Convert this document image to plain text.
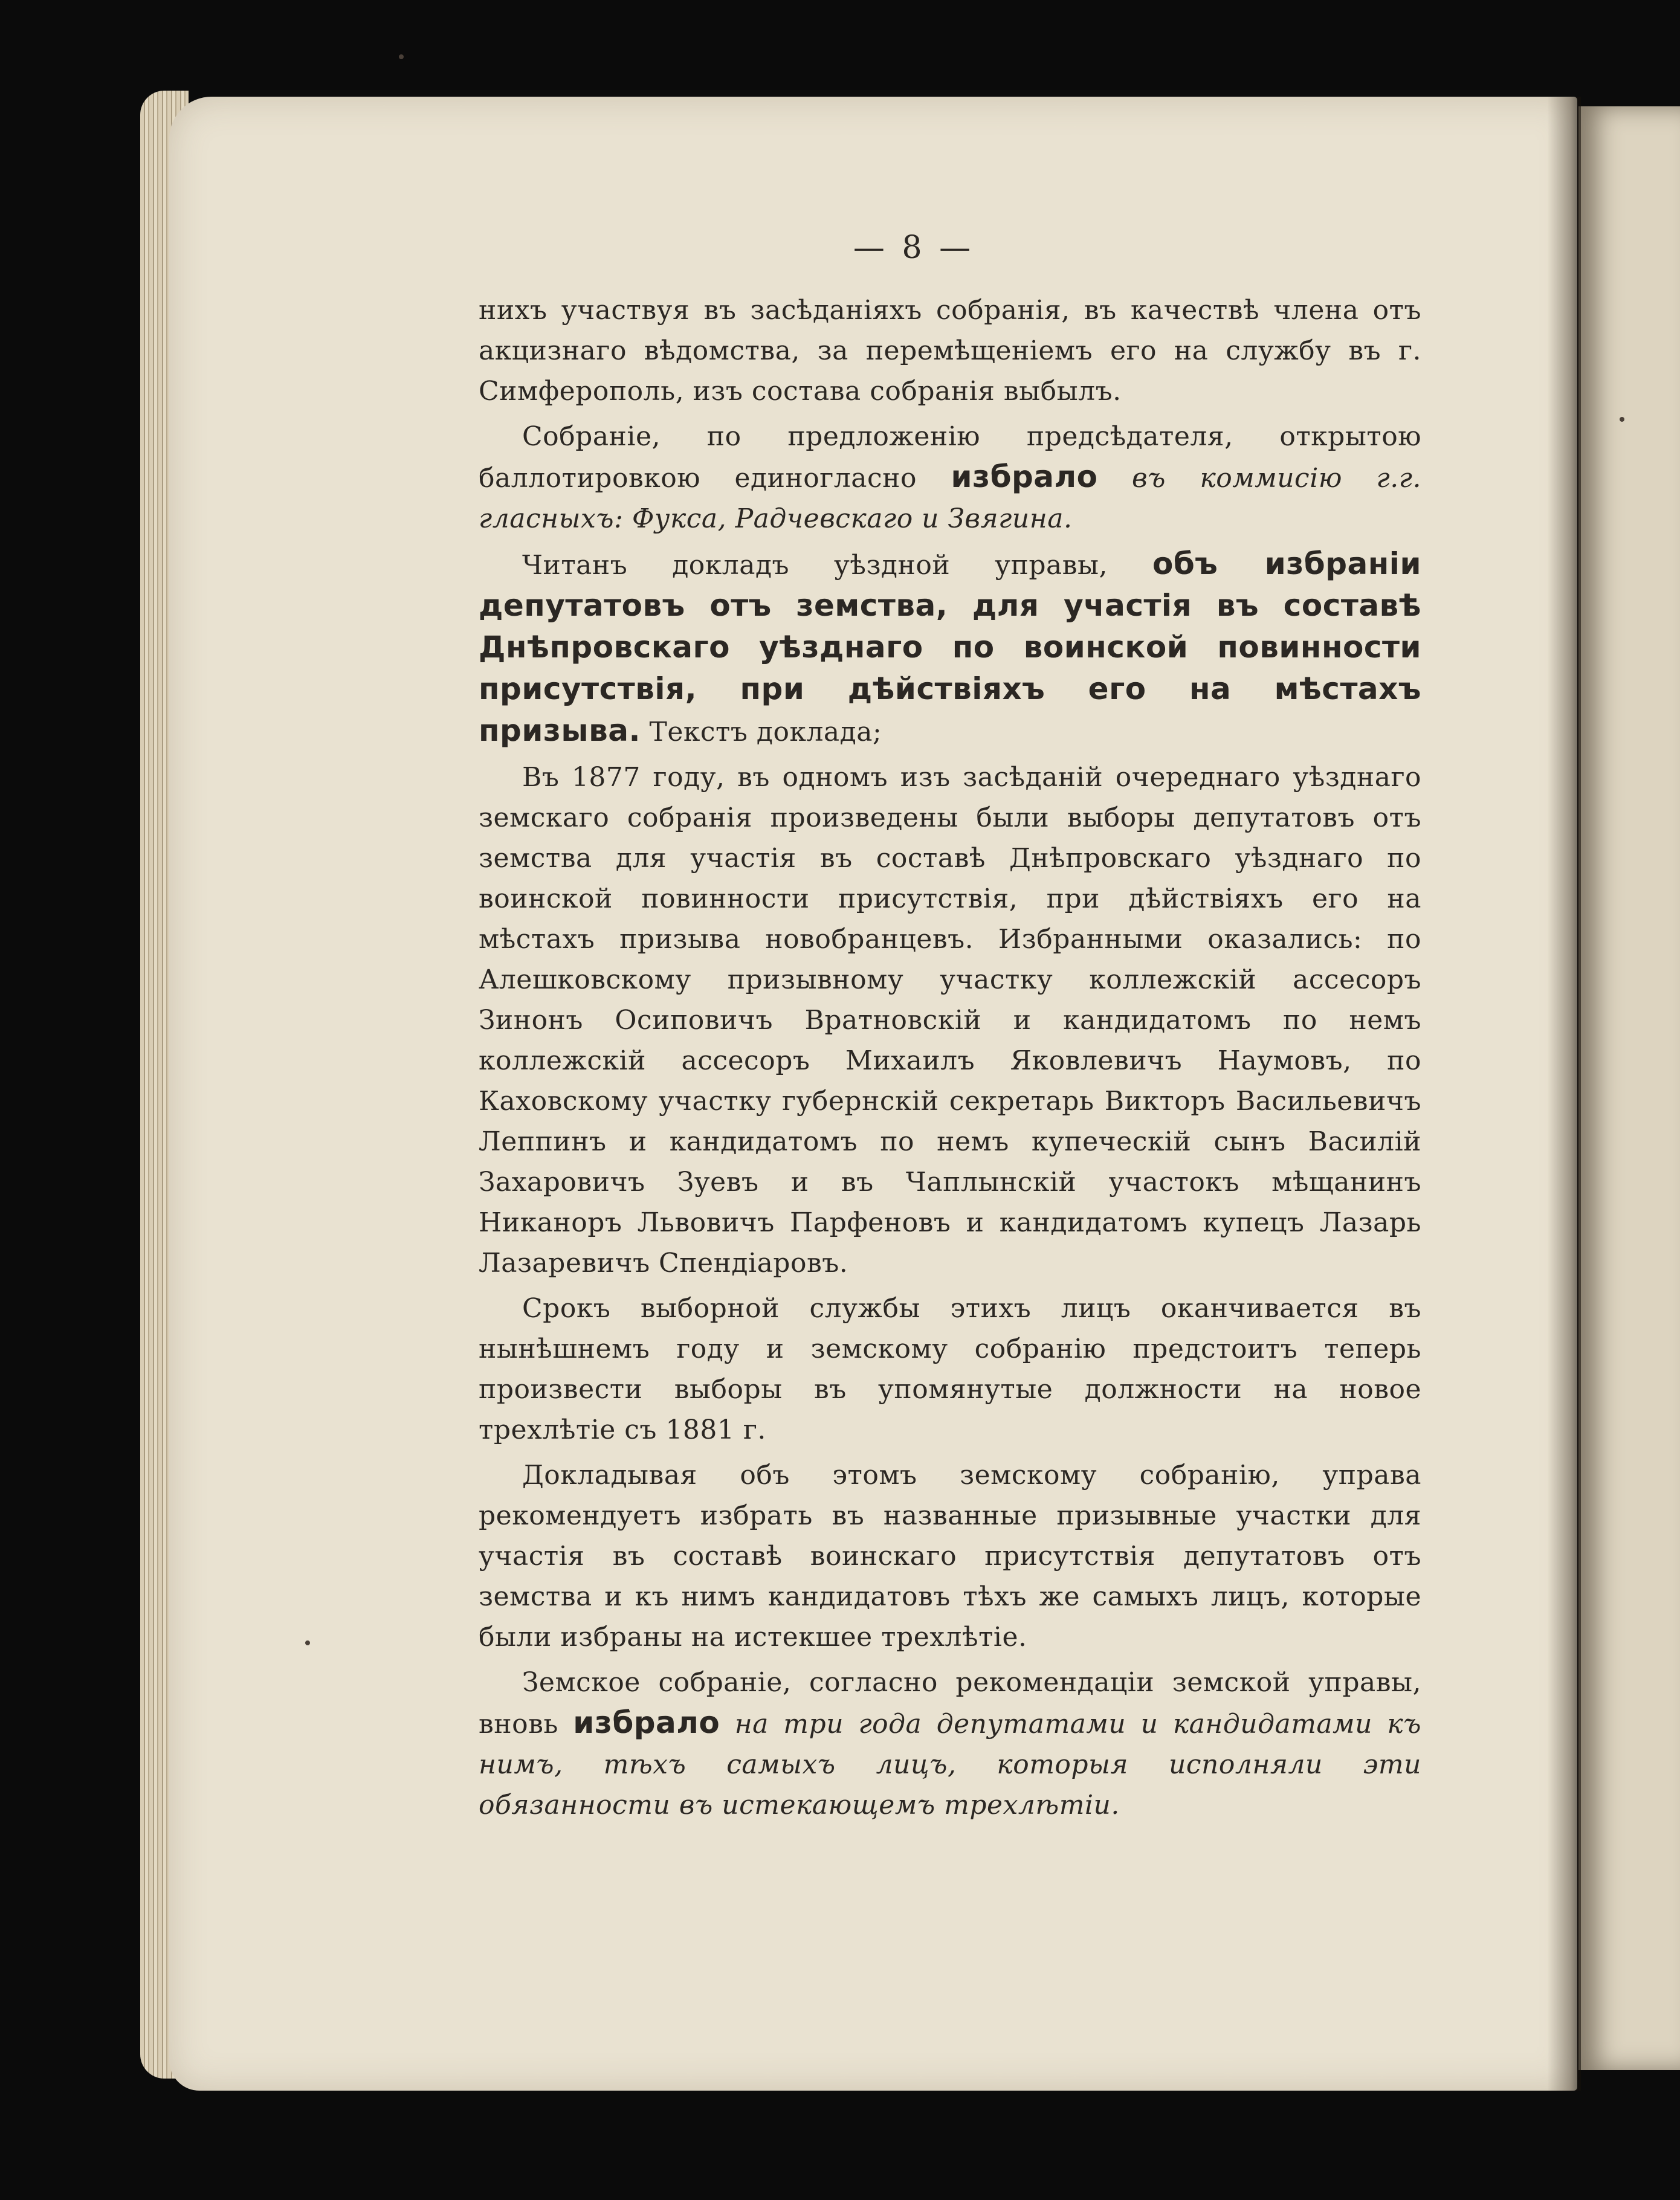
— 8 —

нихъ участвуя въ засѣданіяхъ собранія, въ качествѣ члена отъ акцизнаго вѣдомства, за перемѣщеніемъ его на службу въ г. Симферополь, изъ состава собранія выбылъ.

Собраніе, по предложенію предсѣдателя, открытою баллотировкою единогласно избрало въ коммисію г.г. гласныхъ: Фукса, Радчевскаго и Звягина.

Читанъ докладъ уѣздной управы, объ избраніи депутатовъ отъ земства, для участія въ составѣ Днѣпровскаго уѣзднаго по воинской повинности присутствія, при дѣйствіяхъ его на мѣстахъ призыва. Текстъ доклада;

Въ 1877 году, въ одномъ изъ засѣданій очереднаго уѣзднаго земскаго собранія произведены были выборы депутатовъ отъ земства для участія въ составѣ Днѣпровскаго уѣзднаго по воинской повинности присутствія, при дѣйствіяхъ его на мѣстахъ призыва новобранцевъ. Избранными оказались: по Алешковскому призывному участку коллежскій ассесоръ Зинонъ Осиповичъ Вратновскій и кандидатомъ по немъ коллежскій ассесоръ Михаилъ Яковлевичъ Наумовъ, по Каховскому участку губернскій секретарь Викторъ Васильевичъ Леппинъ и кандидатомъ по немъ купеческій сынъ Василій Захаровичъ Зуевъ и въ Чаплынскій участокъ мѣщанинъ Никаноръ Львовичъ Парфеновъ и кандидатомъ купецъ Лазарь Лазаревичъ Спендіаровъ.

Срокъ выборной службы этихъ лицъ оканчивается въ нынѣшнемъ году и земскому собранію предстоитъ теперь произвести выборы въ упомянутые должности на новое трехлѣтіе съ 1881 г.

Докладывая объ этомъ земскому собранію, управа рекомендуетъ избрать въ названные призывные участки для участія въ составѣ воинскаго присутствія депутатовъ отъ земства и къ нимъ кандидатовъ тѣхъ же самыхъ лицъ, которые были избраны на истекшее трехлѣтіе.

Земское собраніе, согласно рекомендаціи земской управы, вновь избрало на три года депутатами и кандидатами къ нимъ, тѣхъ самыхъ лицъ, которыя исполняли эти обязанности въ истекающемъ трехлѣтіи.
